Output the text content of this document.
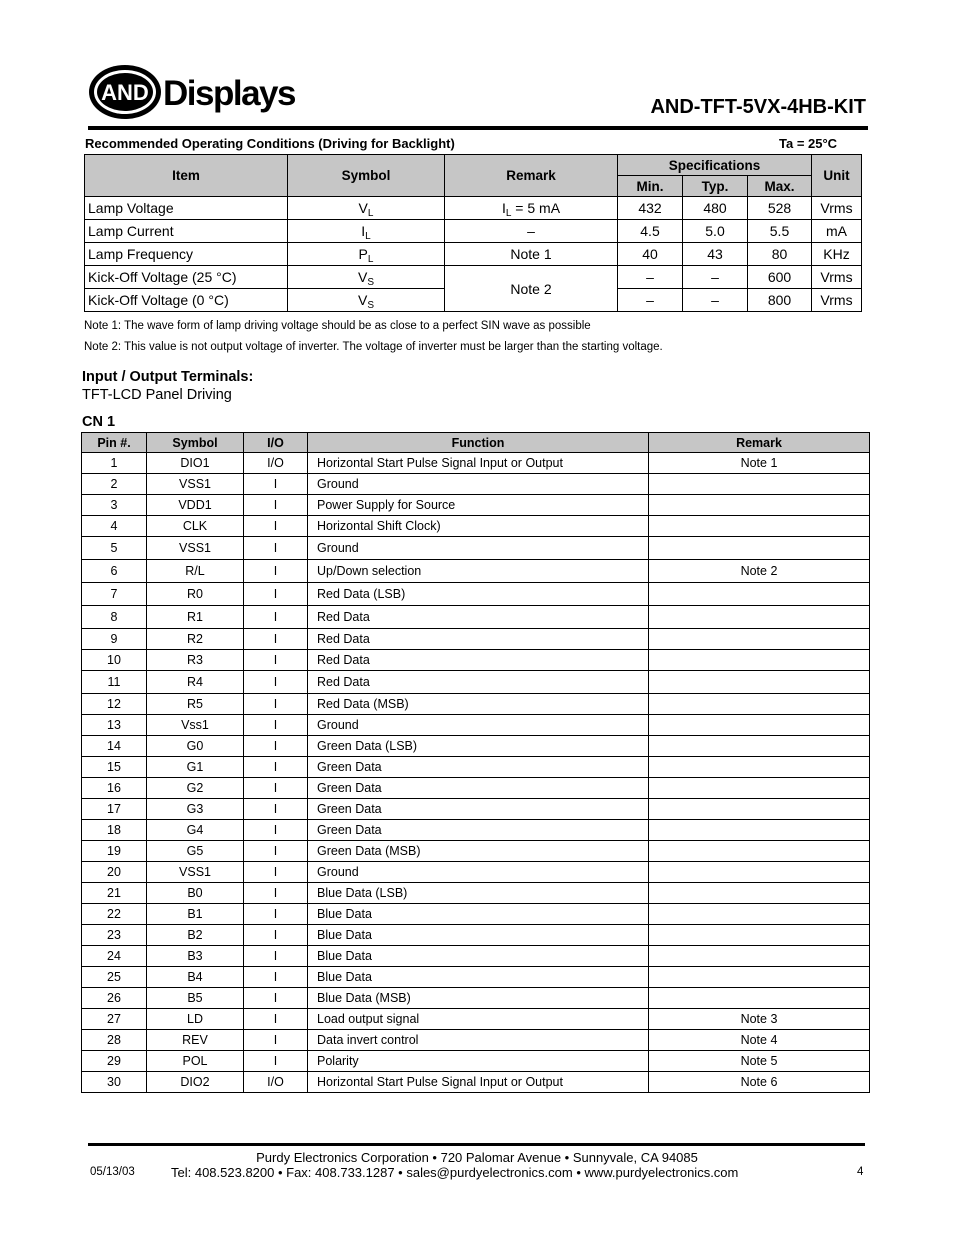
AND Displays	AND-TFT-5VX-4HB-KIT
Recommended Operating Conditions (Driving for Backlight)	Ta = 25°C
Item	Symbol	Remark	Specifications			Unit
			Min.	Typ.	Max.	
Lamp Voltage	$V_L$	$I_L = 5$ mA	432	480	528	Vrms
Lamp Current	$I_L$	–	4.5	5.0	5.5	mA
Lamp Frequency	$P_L$	Note 1	40	43	80	KHz
Kick-Off Voltage (25 °C)	$V_S$	Note 2	–	–	600	Vrms
Kick-Off Voltage (0 °C)	$V_S$		–	–	800	Vrms
Note 1: The wave form of lamp driving voltage should be as close to a perfect SIN wave as possible
Note 2: This value is not output voltage of inverter. The voltage of inverter must be larger than the starting voltage.
Input / Output Terminals:
TFT-LCD Panel Driving
CN 1
Pin #.	Symbol	I/O	Function	Remark
1	DIO1	I/O	Horizontal Start Pulse Signal Input or Output	Note 1
2	VSS1	I	Ground	
3	VDD1	I	Power Supply for Source	
4	CLK	I	Horizontal Shift Clock)	
5	VSS1	I	Ground	
6	R/L	I	Up/Down selection	Note 2
7	R0	I	Red Data (LSB)	
8	R1	I	Red Data	
9	R2	I	Red Data	
10	R3	I	Red Data	
11	R4	I	Red Data	
12	R5	I	Red Data (MSB)	
13	Vss1	I	Ground	
14	G0	I	Green Data (LSB)	
15	G1	I	Green Data	
16	G2	I	Green Data	
17	G3	I	Green Data	
18	G4	I	Green Data	
19	G5	I	Green Data (MSB)	
20	VSS1	I	Ground	
21	B0	I	Blue Data (LSB)	
22	B1	I	Blue Data	
23	B2	I	Blue Data	
24	B3	I	Blue Data	
25	B4	I	Blue Data	
26	B5	I	Blue Data (MSB)	
27	LD	I	Load output signal	Note 3
28	REV	I	Data invert control	Note 4
29	POL	I	Polarity	Note 5
30	DIO2	I/O	Horizontal Start Pulse Signal Input or Output	Note 6
Purdy Electronics Corporation • 720 Palomar Avenue • Sunnyvale, CA 94085
05/13/03	Tel: 408.523.8200 • Fax: 408.733.1287 • sales@purdyelectronics.com • www.purdyelectronics.com	4
